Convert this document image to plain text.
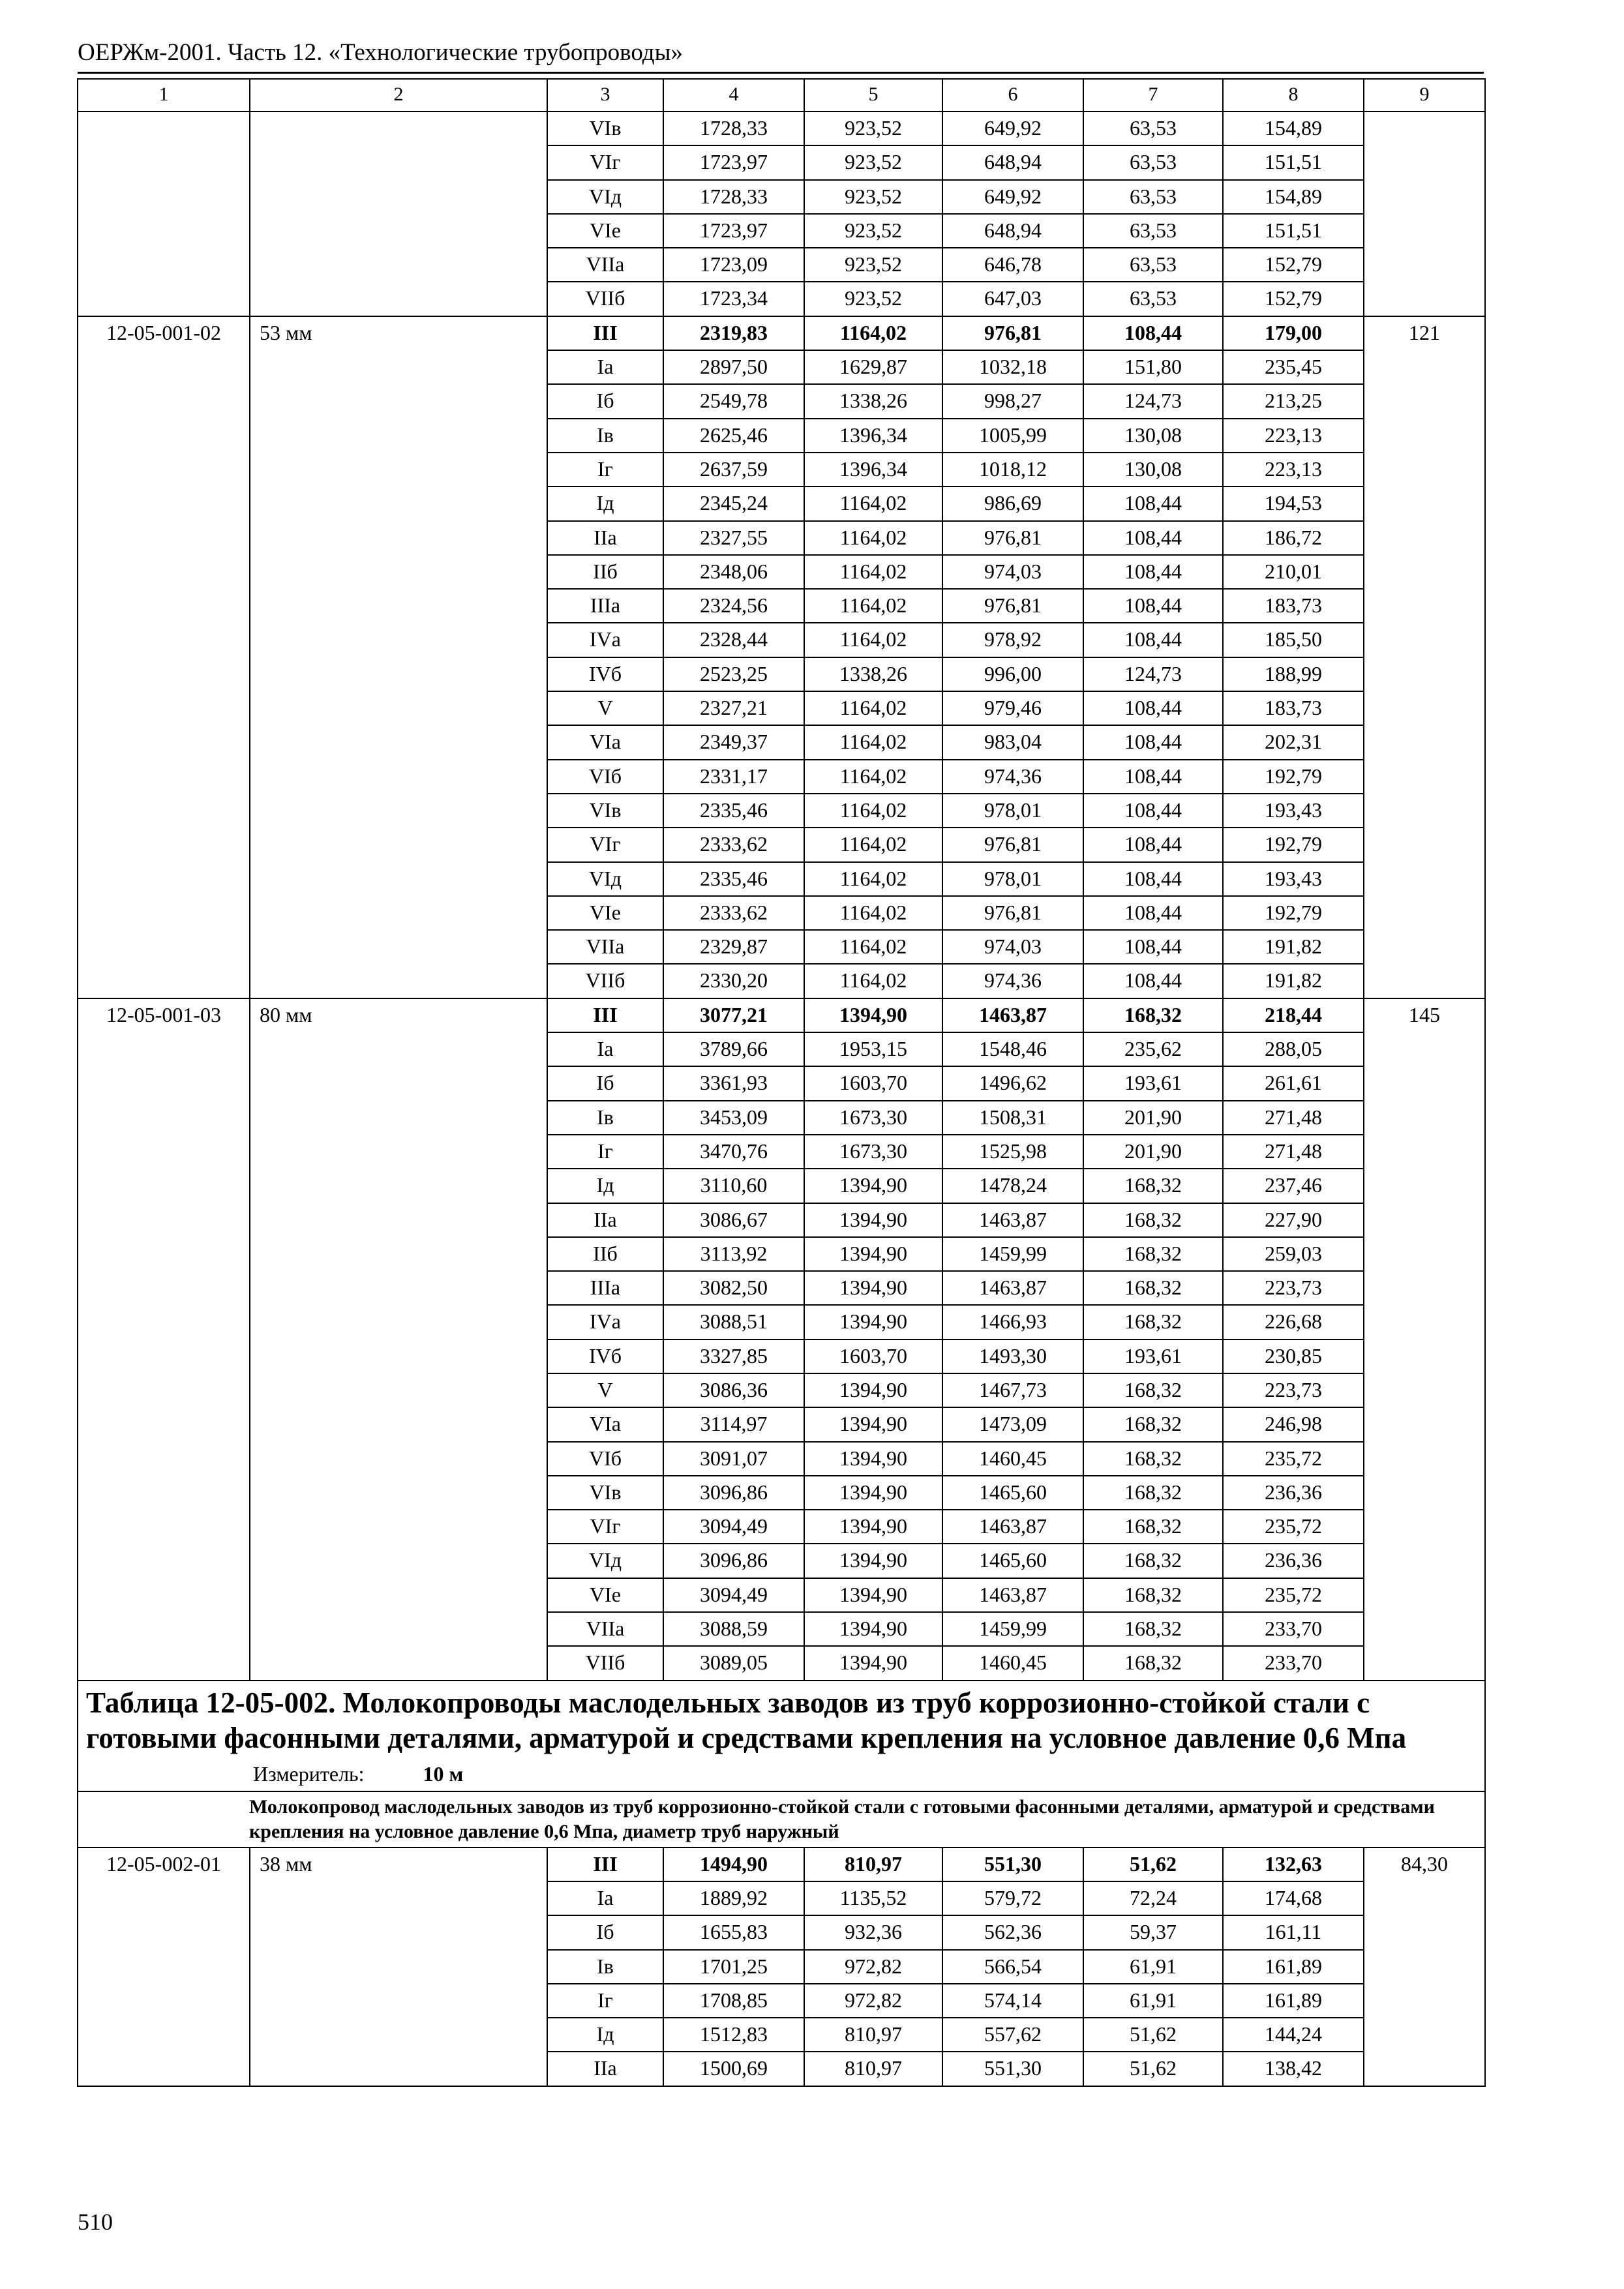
ОЕРЖм-2001. Часть 12. «Технологические трубопроводы»
1	2	3	4	5	6	7	8	9
		VIв	1728,33	923,52	649,92	63,53	154,89	
		VIг	1723,97	923,52	648,94	63,53	151,51	
		VIд	1728,33	923,52	649,92	63,53	154,89	
		VIе	1723,97	923,52	648,94	63,53	151,51	
		VIIа	1723,09	923,52	646,78	63,53	152,79	
		VIIб	1723,34	923,52	647,03	63,53	152,79	
12-05-001-02	53 мм	III	2319,83	1164,02	976,81	108,44	179,00	121
		Iа	2897,50	1629,87	1032,18	151,80	235,45	
		Iб	2549,78	1338,26	998,27	124,73	213,25	
		Iв	2625,46	1396,34	1005,99	130,08	223,13	
		Iг	2637,59	1396,34	1018,12	130,08	223,13	
		Iд	2345,24	1164,02	986,69	108,44	194,53	
		IIа	2327,55	1164,02	976,81	108,44	186,72	
		IIб	2348,06	1164,02	974,03	108,44	210,01	
		IIIа	2324,56	1164,02	976,81	108,44	183,73	
		IVа	2328,44	1164,02	978,92	108,44	185,50	
		IVб	2523,25	1338,26	996,00	124,73	188,99	
		V	2327,21	1164,02	979,46	108,44	183,73	
		VIа	2349,37	1164,02	983,04	108,44	202,31	
		VIб	2331,17	1164,02	974,36	108,44	192,79	
		VIв	2335,46	1164,02	978,01	108,44	193,43	
		VIг	2333,62	1164,02	976,81	108,44	192,79	
		VIд	2335,46	1164,02	978,01	108,44	193,43	
		VIе	2333,62	1164,02	976,81	108,44	192,79	
		VIIа	2329,87	1164,02	974,03	108,44	191,82	
		VIIб	2330,20	1164,02	974,36	108,44	191,82	
12-05-001-03	80 мм	III	3077,21	1394,90	1463,87	168,32	218,44	145
		Iа	3789,66	1953,15	1548,46	235,62	288,05	
		Iб	3361,93	1603,70	1496,62	193,61	261,61	
		Iв	3453,09	1673,30	1508,31	201,90	271,48	
		Iг	3470,76	1673,30	1525,98	201,90	271,48	
		Iд	3110,60	1394,90	1478,24	168,32	237,46	
		IIа	3086,67	1394,90	1463,87	168,32	227,90	
		IIб	3113,92	1394,90	1459,99	168,32	259,03	
		IIIа	3082,50	1394,90	1463,87	168,32	223,73	
		IVа	3088,51	1394,90	1466,93	168,32	226,68	
		IVб	3327,85	1603,70	1493,30	193,61	230,85	
		V	3086,36	1394,90	1467,73	168,32	223,73	
		VIа	3114,97	1394,90	1473,09	168,32	246,98	
		VIб	3091,07	1394,90	1460,45	168,32	235,72	
		VIв	3096,86	1394,90	1465,60	168,32	236,36	
		VIг	3094,49	1394,90	1463,87	168,32	235,72	
		VIд	3096,86	1394,90	1465,60	168,32	236,36	
		VIе	3094,49	1394,90	1463,87	168,32	235,72	
		VIIа	3088,59	1394,90	1459,99	168,32	233,70	
		VIIб	3089,05	1394,90	1460,45	168,32	233,70	

Таблица 12-05-002. Молокопроводы маслодельных заводов из труб коррозионно-стойкой стали с готовыми фасонными деталями, арматурой и средствами крепления на условное давление 0,6 Мпа
Измеритель: 10 м								

Молокопровод маслодельных заводов из труб коррозионно-стойкой стали с готовыми фасонными деталями, арматурой и средствами крепления на условное давление 0,6 Мпа, диаметр труб наружный								
12-05-002-01	38 мм	III	1494,90	810,97	551,30	51,62	132,63	84,30
		Iа	1889,92	1135,52	579,72	72,24	174,68	
		Iб	1655,83	932,36	562,36	59,37	161,11	
		Iв	1701,25	972,82	566,54	61,91	161,89	
		Iг	1708,85	972,82	574,14	61,91	161,89	
		Iд	1512,83	810,97	557,62	51,62	144,24	
		IIа	1500,69	810,97	551,30	51,62	138,42	
510
